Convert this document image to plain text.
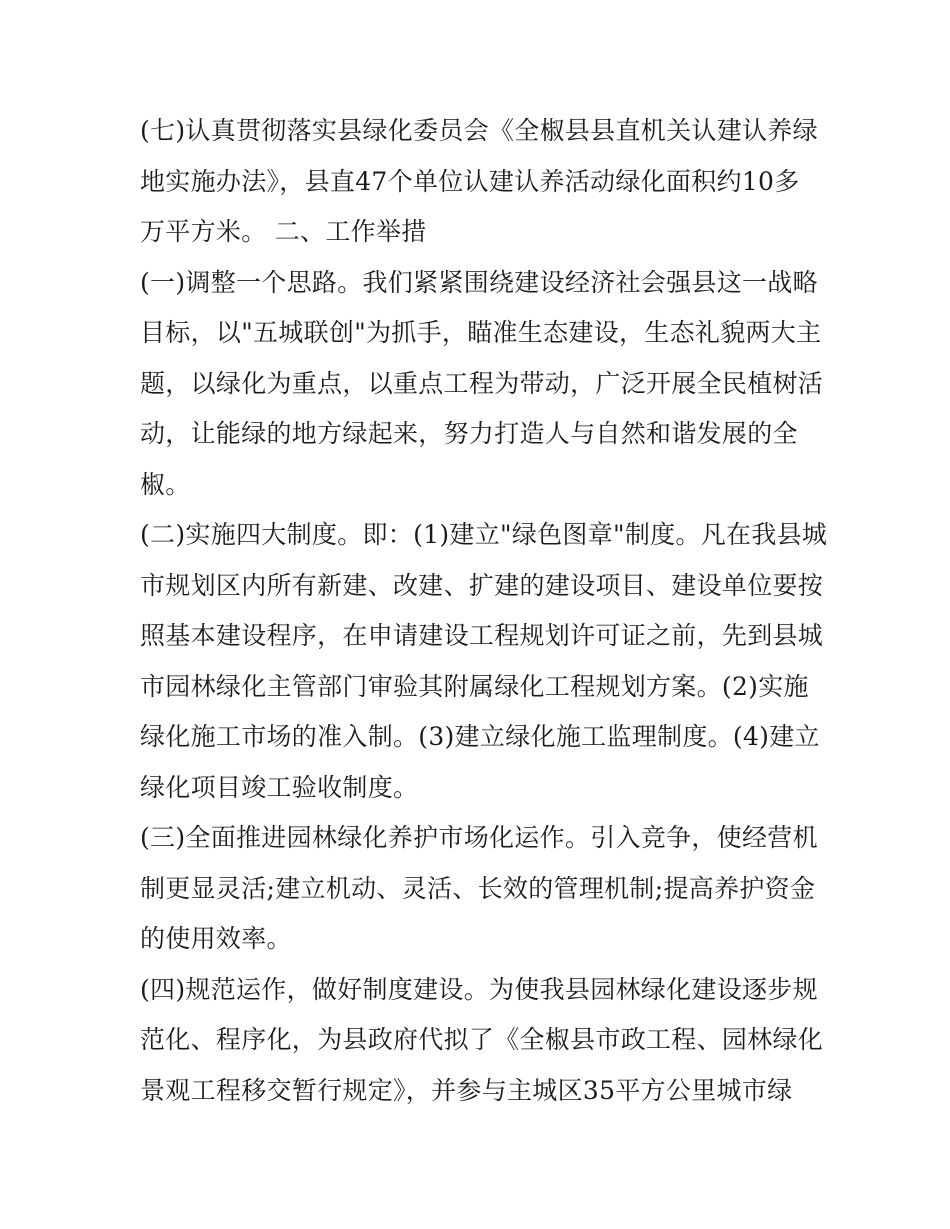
(七)认真贯彻落实县绿化委员会《全椒县县直机关认建认养绿
地实施办法》，县直47个单位认建认养活动绿化面积约10多
万平方米。 二、工作举措
(一)调整一个思路。我们紧紧围绕建设经济社会强县这一战略
目标，以"五城联创"为抓手，瞄准生态建设，生态礼貌两大主
题，以绿化为重点，以重点工程为带动，广泛开展全民植树活
动，让能绿的地方绿起来，努力打造人与自然和谐发展的全
椒。
(二)实施四大制度。即：(1)建立"绿色图章"制度。凡在我县城
市规划区内所有新建、改建、扩建的建设项目、建设单位要按
照基本建设程序，在申请建设工程规划许可证之前，先到县城
市园林绿化主管部门审验其附属绿化工程规划方案。(2)实施
绿化施工市场的准入制。(3)建立绿化施工监理制度。(4)建立
绿化项目竣工验收制度。
(三)全面推进园林绿化养护市场化运作。引入竞争，使经营机
制更显灵活;建立机动、灵活、长效的管理机制;提高养护资金
的使用效率。
(四)规范运作，做好制度建设。为使我县园林绿化建设逐步规
范化、程序化，为县政府代拟了《全椒县市政工程、园林绿化
景观工程移交暂行规定》，并参与主城区35平方公里城市绿
